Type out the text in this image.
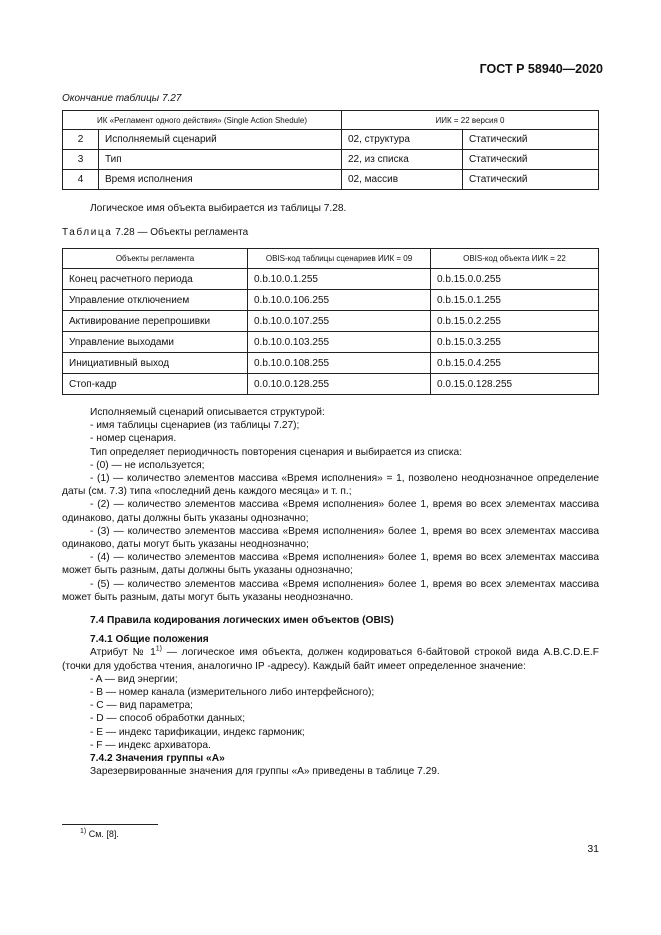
ГОСТ Р 58940—2020
Окончание таблицы 7.27
ИК «Регламент одного действия» (Single Action Shedule)		ИИК = 22 версия 0	
2	Исполняемый сценарий	02, структура	Статический
3	Тип	22, из списка	Статический
4	Время исполнения	02, массив	Статический
Логическое имя объекта выбирается из таблицы 7.28.
Таблица 7.28 — Объекты регламента
Объекты регламента	OBIS-код таблицы сценариев ИИК = 09	OBIS-код объекта ИИК = 22
Конец расчетного периода	0.b.10.0.1.255	0.b.15.0.0.255
Управление отключением	0.b.10.0.106.255	0.b.15.0.1.255
Активирование перепрошивки	0.b.10.0.107.255	0.b.15.0.2.255
Управление выходами	0.b.10.0.103.255	0.b.15.0.3.255
Инициативный выход	0.b.10.0.108.255	0.b.15.0.4.255
Стоп-кадр	0.0.10.0.128.255	0.0.15.0.128.255
Исполняемый сценарий описывается структурой:
- имя таблицы сценариев (из таблицы 7.27);
- номер сценария.
Тип определяет периодичность повторения сценария и выбирается из списка:
- (0) — не используется;
- (1) — количество элементов массива «Время исполнения» = 1, позволено неоднозначное определение даты (см. 7.3) типа «последний день каждого месяца» и т. п.;
- (2) — количество элементов массива «Время исполнения» более 1, время во всех элементах массива одинаково, даты должны быть указаны однозначно;
- (3) — количество элементов массива «Время исполнения» более 1, время во всех элементах массива одинаково, даты могут быть указаны неоднозначно;
- (4) — количество элементов массива «Время исполнения» более 1, время во всех элементах массива может быть разным, даты должны быть указаны однозначно;
- (5) — количество элементов массива «Время исполнения» более 1, время во всех элементах массива может быть разным, даты могут быть указаны неоднозначно.
7.4 Правила кодирования логических имен объектов (OBIS)
7.4.1 Общие положения
Атрибут № 1$^{1)}$ — логическое имя объекта, должен кодироваться 6-байтовой строкой вида A.B.C.D.E.F (точки для удобства чтения, аналогично IP -адресу). Каждый байт имеет определенное значение:
- A — вид энергии;
- B — номер канала (измерительного либо интерфейсного);
- C — вид параметра;
- D — способ обработки данных;
- E — индекс тарификации, индекс гармоник;
- F — индекс архиватора.
7.4.2 Значения группы «А»
Зарезервированные значения для группы «А» приведены в таблице 7.29.
$^{1)}$ См. [8].
31
